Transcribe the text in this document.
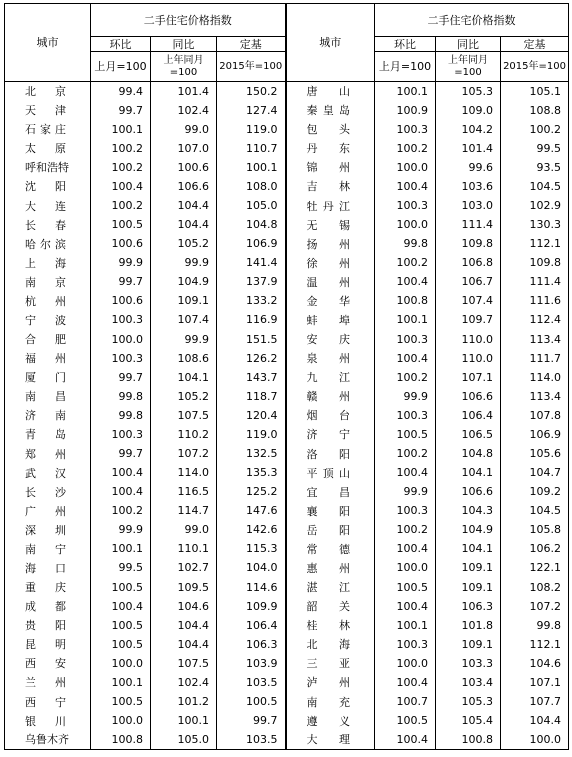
城市	二手住宅价格指数			城市	二手住宅价格指数		
	环比	同比	定基		环比	同比	定基
	上月=100	上年同月=100	2015年=100		上月=100	上年同月=100	2015年=100
北京	99.4	101.4	150.2	唐山	100.1	105.3	105.1
天津	99.7	102.4	127.4	秦皇岛	100.9	109.0	108.8
石家庄	100.1	99.0	119.0	包头	100.3	104.2	100.2
太原	100.2	107.0	110.7	丹东	100.2	101.4	99.5
呼和浩特	100.2	100.6	100.1	锦州	100.0	99.6	93.5
沈阳	100.4	106.6	108.0	吉林	100.4	103.6	104.5
大连	100.2	104.4	105.0	牡丹江	100.3	103.0	102.9
长春	100.5	104.4	104.8	无锡	100.0	111.4	130.3
哈尔滨	100.6	105.2	106.9	扬州	99.8	109.8	112.1
上海	99.9	99.9	141.4	徐州	100.2	106.8	109.8
南京	99.7	104.9	137.9	温州	100.4	106.7	111.4
杭州	100.6	109.1	133.2	金华	100.8	107.4	111.6
宁波	100.3	107.4	116.9	蚌埠	100.1	109.7	112.4
合肥	100.0	99.9	151.5	安庆	100.3	110.0	113.4
福州	100.3	108.6	126.2	泉州	100.4	110.0	111.7
厦门	99.7	104.1	143.7	九江	100.2	107.1	114.0
南昌	99.8	105.2	118.7	赣州	99.9	106.6	113.4
济南	99.8	107.5	120.4	烟台	100.3	106.4	107.8
青岛	100.3	110.2	119.0	济宁	100.5	106.5	106.9
郑州	99.7	107.2	132.5	洛阳	100.2	104.8	105.6
武汉	100.4	114.0	135.3	平顶山	100.4	104.1	104.7
长沙	100.4	116.5	125.2	宜昌	99.9	106.6	109.2
广州	100.2	114.7	147.6	襄阳	100.3	104.3	104.5
深圳	99.9	99.0	142.6	岳阳	100.2	104.9	105.8
南宁	100.1	110.1	115.3	常德	100.4	104.1	106.2
海口	99.5	102.7	104.0	惠州	100.0	109.1	122.1
重庆	100.5	109.5	114.6	湛江	100.5	109.1	108.2
成都	100.4	104.6	109.9	韶关	100.4	106.3	107.2
贵阳	100.5	104.4	106.4	桂林	100.1	101.8	99.8
昆明	100.5	104.4	106.3	北海	100.3	109.1	112.1
西安	100.0	107.5	103.9	三亚	100.0	103.3	104.6
兰州	100.1	102.4	103.5	泸州	100.4	103.4	107.1
西宁	100.5	101.2	100.5	南充	100.7	105.3	107.7
银川	100.0	100.1	99.7	遵义	100.5	105.4	104.4
乌鲁木齐	100.8	105.0	103.5	大理	100.4	100.8	100.0
